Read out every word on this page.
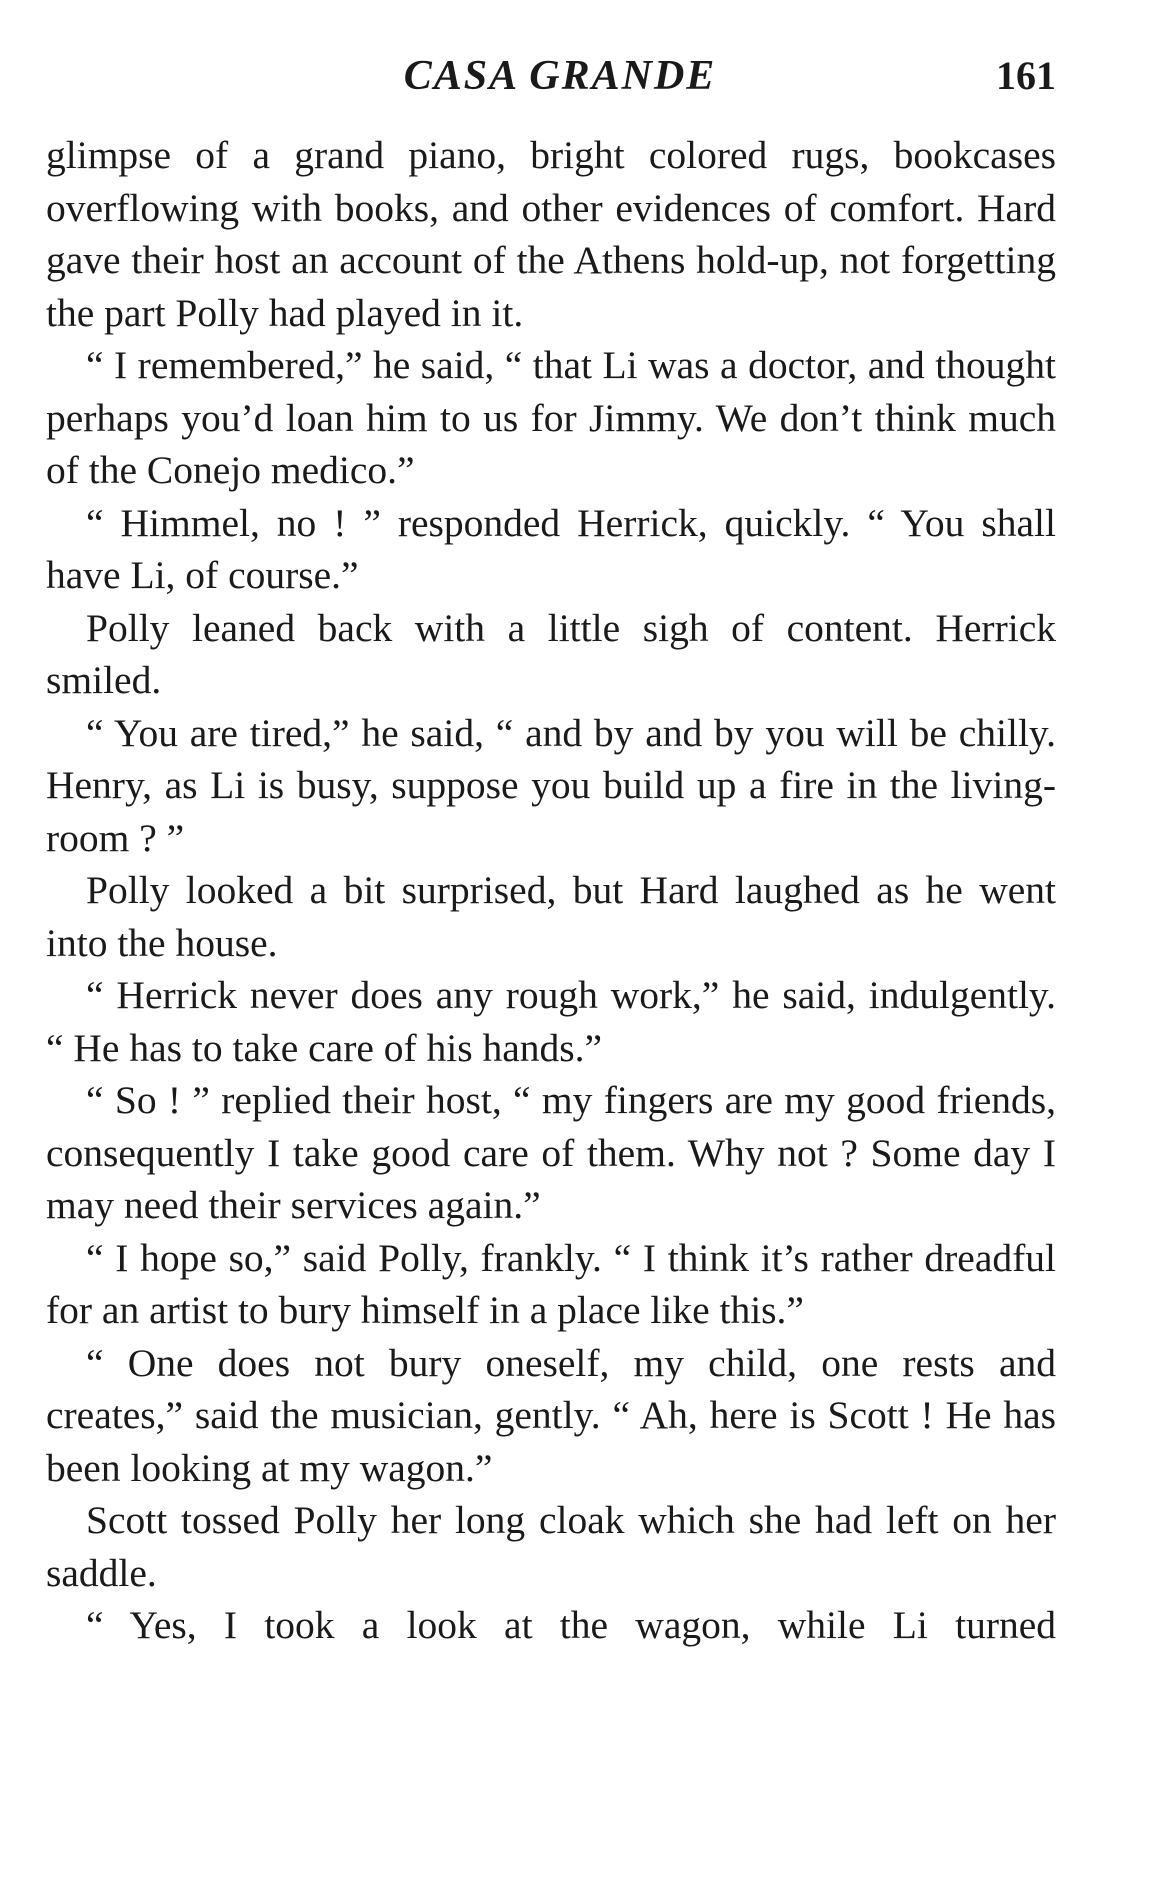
CASA GRANDE	161

glimpse of a grand piano, bright colored rugs, bookcases overflowing with books, and other evidences of comfort. Hard gave their host an account of the Athens hold-up, not forgetting the part Polly had played in it.

“ I remembered,” he said, “ that Li was a doctor, and thought perhaps you’d loan him to us for Jimmy. We don’t think much of the Conejo medico.”

“ Himmel, no ! ” responded Herrick, quickly. “ You shall have Li, of course.”

Polly leaned back with a little sigh of content. Herrick smiled.

“ You are tired,” he said, “ and by and by you will be chilly. Henry, as Li is busy, suppose you build up a fire in the living-room ? ”

Polly looked a bit surprised, but Hard laughed as he went into the house.

“ Herrick never does any rough work,” he said, indulgently. “ He has to take care of his hands.”

“ So ! ” replied their host, “ my fingers are my good friends, consequently I take good care of them. Why not ? Some day I may need their services again.”

“ I hope so,” said Polly, frankly. “ I think it’s rather dreadful for an artist to bury himself in a place like this.”

“ One does not bury oneself, my child, one rests and creates,” said the musician, gently. “ Ah, here is Scott ! He has been looking at my wagon.”

Scott tossed Polly her long cloak which she had left on her saddle.

“ Yes, I took a look at the wagon, while Li turned
